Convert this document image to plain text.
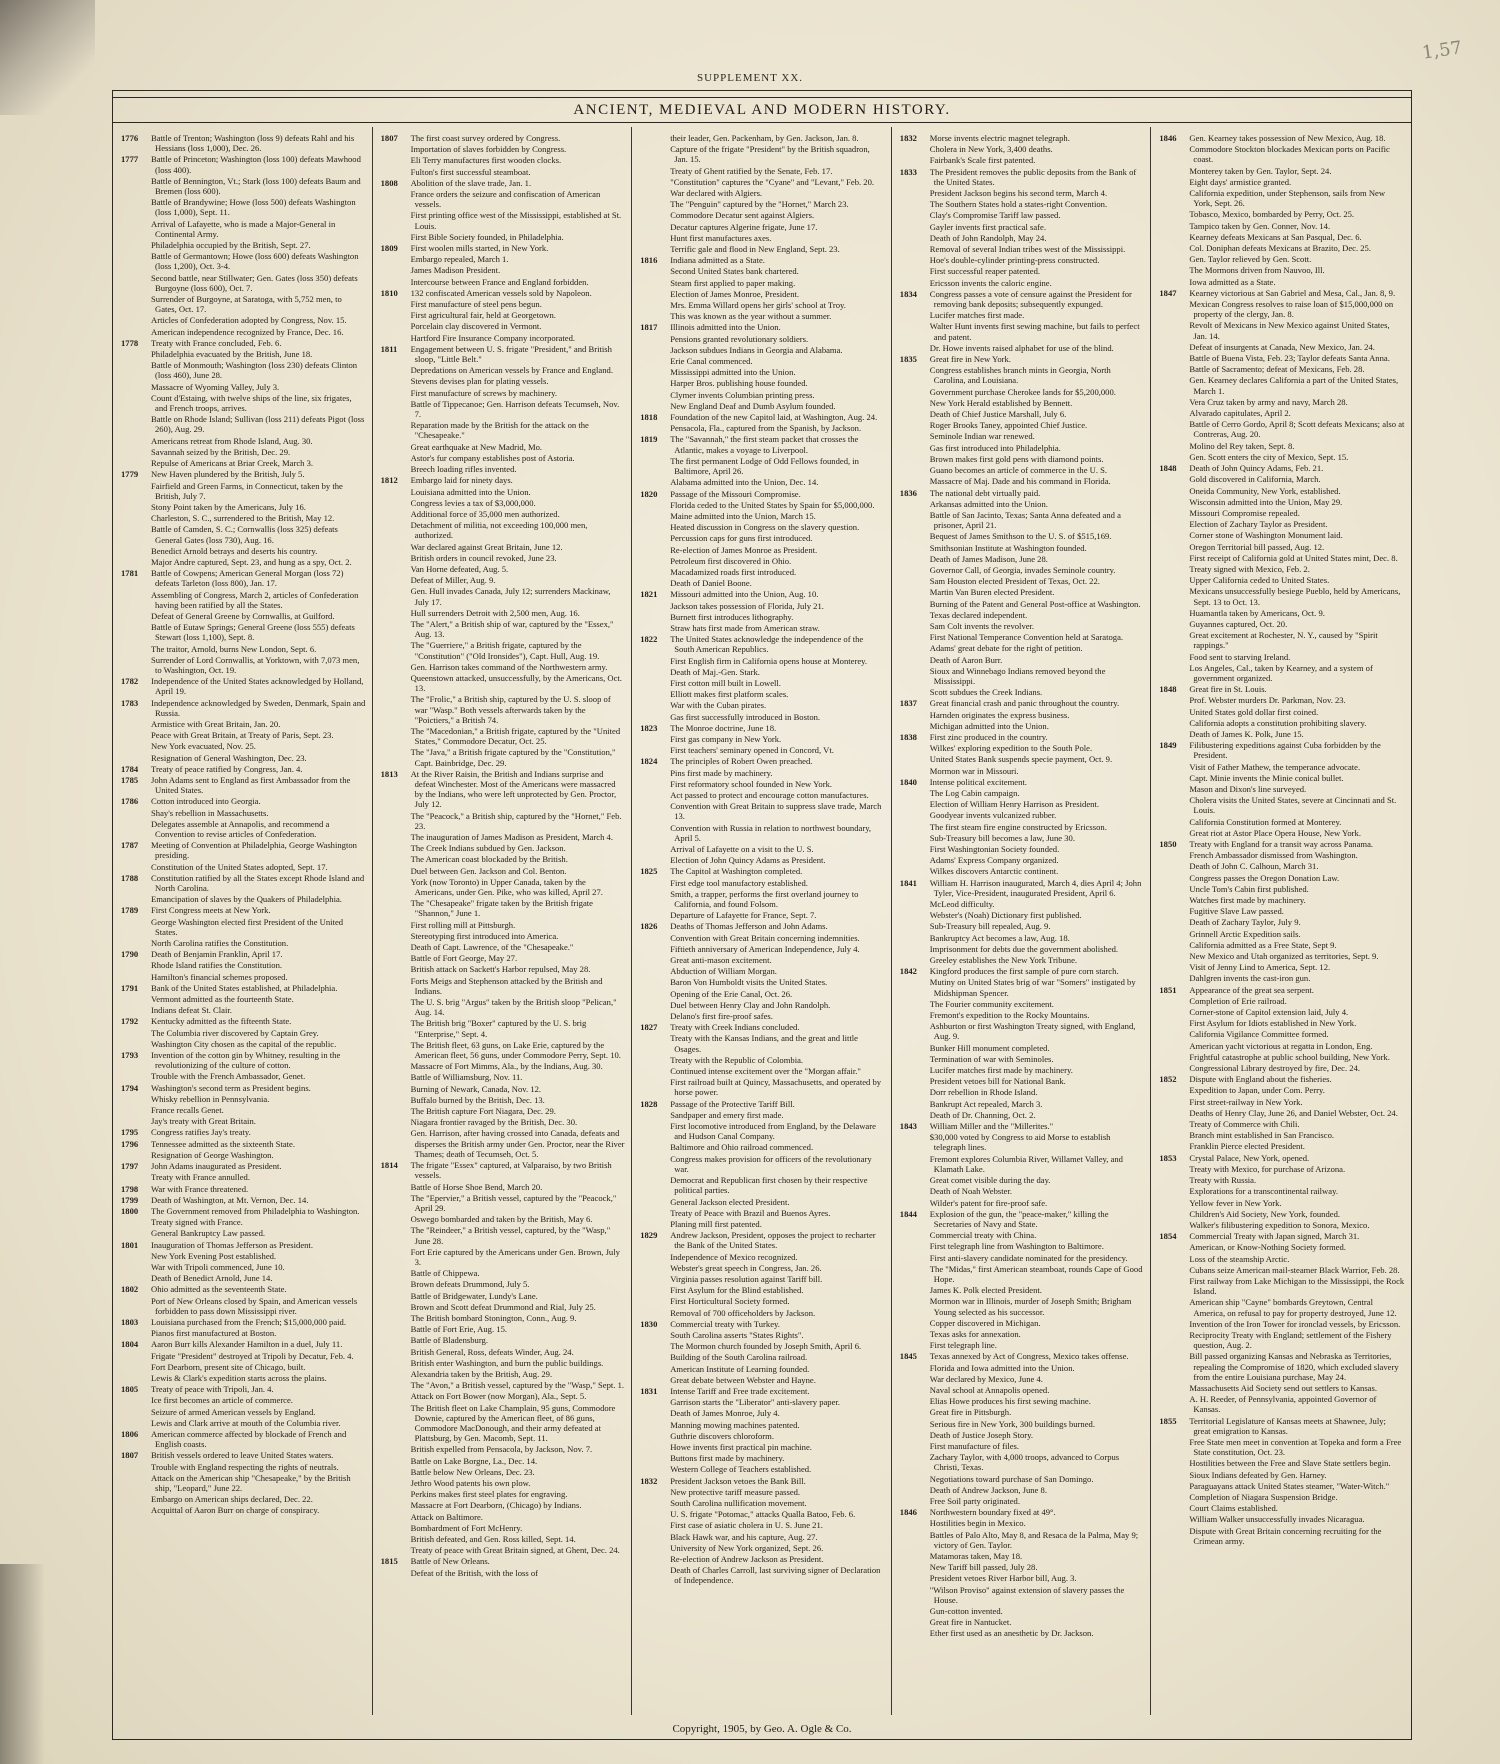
1,57
SUPPLEMENT XX.
ANCIENT, MEDIEVAL AND MODERN HISTORY.
1776	Battle of Trenton; Washington (loss 9) defeats Rahl and his Hessians (loss 1,000), Dec. 26.
1777	Battle of Princeton; Washington (loss 100) defeats Mawhood (loss 400).
Battle of Bennington, Vt.; Stark (loss 100) defeats Baum and Bremen (loss 600).
Battle of Brandywine; Howe (loss 500) defeats Washington (loss 1,000), Sept. 11.
Arrival of Lafayette, who is made a Major-General in Continental Army.
Philadelphia occupied by the British, Sept. 27.
Battle of Germantown; Howe (loss 600) defeats Washington (loss 1,200), Oct. 3-4.
Second battle, near Stillwater; Gen. Gates (loss 350) defeats Burgoyne (loss 600), Oct. 7.
Surrender of Burgoyne, at Saratoga, with 5,752 men, to Gates, Oct. 17.
Articles of Confederation adopted by Congress, Nov. 15.
American independence recognized by France, Dec. 16.
1778	Treaty with France concluded, Feb. 6.
Philadelphia evacuated by the British, June 18.
Battle of Monmouth; Washington (loss 230) defeats Clinton (loss 460), June 28.
Massacre of Wyoming Valley, July 3.
Count d'Estaing, with twelve ships of the line, six frigates, and French troops, arrives.
Battle on Rhode Island; Sullivan (loss 211) defeats Pigot (loss 260), Aug. 29.
Americans retreat from Rhode Island, Aug. 30.
Savannah seized by the British, Dec. 29.
Repulse of Americans at Briar Creek, March 3.
1779	New Haven plundered by the British, July 5.
Fairfield and Green Farms, in Connecticut, taken by the British, July 7.
Stony Point taken by the Americans, July 16.
Charleston, S. C., surrendered to the British, May 12.
Battle of Camden, S. C.; Cornwallis (loss 325) defeats General Gates (loss 730), Aug. 16.
Benedict Arnold betrays and deserts his country.
Major Andre captured, Sept. 23, and hung as a spy, Oct. 2.
1781	Battle of Cowpens; American General Morgan (loss 72) defeats Tarleton (loss 800), Jan. 17.
Assembling of Congress, March 2, articles of Confederation having been ratified by all the States.
Defeat of General Greene by Cornwallis, at Guilford.
Battle of Eutaw Springs; General Greene (loss 555) defeats Stewart (loss 1,100), Sept. 8.
The traitor, Arnold, burns New London, Sept. 6.
Surrender of Lord Cornwallis, at Yorktown, with 7,073 men, to Washington, Oct. 19.
1782	Independence of the United States acknowledged by Holland, April 19.
1783	Independence acknowledged by Sweden, Denmark, Spain and Russia.
Armistice with Great Britain, Jan. 20.
Peace with Great Britain, at Treaty of Paris, Sept. 23.
New York evacuated, Nov. 25.
Resignation of General Washington, Dec. 23.
1784	Treaty of peace ratified by Congress, Jan. 4.
1785	John Adams sent to England as first Ambassador from the United States.
1786	Cotton introduced into Georgia.
Shay's rebellion in Massachusetts.
Delegates assemble at Annapolis, and recommend a Convention to revise articles of Confederation.
1787	Meeting of Convention at Philadelphia, George Washington presiding.
Constitution of the United States adopted, Sept. 17.
1788	Constitution ratified by all the States except Rhode Island and North Carolina.
Emancipation of slaves by the Quakers of Philadelphia.
1789	First Congress meets at New York.
George Washington elected first President of the United States.
North Carolina ratifies the Constitution.
1790	Death of Benjamin Franklin, April 17.
Rhode Island ratifies the Constitution.
Hamilton's financial schemes proposed.
1791	Bank of the United States established, at Philadelphia.
Vermont admitted as the fourteenth State.
Indians defeat St. Clair.
1792	Kentucky admitted as the fifteenth State.
The Columbia river discovered by Captain Grey.
Washington City chosen as the capital of the republic.
1793	Invention of the cotton gin by Whitney, resulting in the revolutionizing of the culture of cotton.
Trouble with the French Ambassador, Genet.
1794	Washington's second term as President begins.
Whisky rebellion in Pennsylvania.
France recalls Genet.
Jay's treaty with Great Britain.
1795	Congress ratifies Jay's treaty.
1796	Tennessee admitted as the sixteenth State.
Resignation of George Washington.
1797	John Adams inaugurated as President.
Treaty with France annulled.
1798	War with France threatened.
1799	Death of Washington, at Mt. Vernon, Dec. 14.
1800	The Government removed from Philadelphia to Washington.
Treaty signed with France.
General Bankruptcy Law passed.
1801	Inauguration of Thomas Jefferson as President.
New York Evening Post established.
War with Tripoli commenced, June 10.
Death of Benedict Arnold, June 14.
1802	Ohio admitted as the seventeenth State.
Port of New Orleans closed by Spain, and American vessels forbidden to pass down Mississippi river.
1803	Louisiana purchased from the French; $15,000,000 paid.
Pianos first manufactured at Boston.
1804	Aaron Burr kills Alexander Hamilton in a duel, July 11.
Frigate "President" destroyed at Tripoli by Decatur, Feb. 4.
Fort Dearborn, present site of Chicago, built.
Lewis & Clark's expedition starts across the plains.
1805	Treaty of peace with Tripoli, Jan. 4.
Ice first becomes an article of commerce.
Seizure of armed American vessels by England.
Lewis and Clark arrive at mouth of the Columbia river.
1806	American commerce affected by blockade of French and English coasts.
1807	British vessels ordered to leave United States waters.
Trouble with England respecting the rights of neutrals.
Attack on the American ship "Chesapeake," by the British ship, "Leopard," June 22.
Embargo on American ships declared, Dec. 22.
Acquittal of Aaron Burr on charge of conspiracy.
1807	The first coast survey ordered by Congress.
Importation of slaves forbidden by Congress.
Eli Terry manufactures first wooden clocks.
Fulton's first successful steamboat.
1808	Abolition of the slave trade, Jan. 1.
France orders the seizure and confiscation of American vessels.
First printing office west of the Mississippi, established at St. Louis.
First Bible Society founded, in Philadelphia.
1809	First woolen mills started, in New York.
Embargo repealed, March 1.
James Madison President.
Intercourse between France and England forbidden.
1810	132 confiscated American vessels sold by Napoleon.
First manufacture of steel pens begun.
First agricultural fair, held at Georgetown.
Porcelain clay discovered in Vermont.
Hartford Fire Insurance Company incorporated.
1811	Engagement between U. S. frigate "President," and British sloop, "Little Belt."
Depredations on American vessels by France and England.
Stevens devises plan for plating vessels.
First manufacture of screws by machinery.
Battle of Tippecanoe; Gen. Harrison defeats Tecumseh, Nov. 7.
Reparation made by the British for the attack on the "Chesapeake."
Great earthquake at New Madrid, Mo.
Astor's fur company establishes post of Astoria.
Breech loading rifles invented.
1812	Embargo laid for ninety days.
Louisiana admitted into the Union.
Congress levies a tax of $3,000,000.
Additional force of 35,000 men authorized.
Detachment of militia, not exceeding 100,000 men, authorized.
War declared against Great Britain, June 12.
British orders in council revoked, June 23.
Van Horne defeated, Aug. 5.
Defeat of Miller, Aug. 9.
Gen. Hull invades Canada, July 12; surrenders Mackinaw, July 17.
Hull surrenders Detroit with 2,500 men, Aug. 16.
The "Alert," a British ship of war, captured by the "Essex," Aug. 13.
The "Guerriere," a British frigate, captured by the "Constitution" ("Old Ironsides"), Capt. Hull, Aug. 19.
Gen. Harrison takes command of the Northwestern army.
Queenstown attacked, unsuccessfully, by the Americans, Oct. 13.
The "Frolic," a British ship, captured by the U. S. sloop of war "Wasp." Both vessels afterwards taken by the "Poictiers," a British 74.
The "Macedonian," a British frigate, captured by the "United States," Commodore Decatur, Oct. 25.
The "Java," a British frigate captured by the "Constitution," Capt. Bainbridge, Dec. 29.
1813	At the River Raisin, the British and Indians surprise and defeat Winchester. Most of the Americans were massacred by the Indians, who were left unprotected by Gen. Proctor, July 12.
The "Peacock," a British ship, captured by the "Hornet," Feb. 23.
The inauguration of James Madison as President, March 4.
The Creek Indians subdued by Gen. Jackson.
The American coast blockaded by the British.
Duel between Gen. Jackson and Col. Benton.
York (now Toronto) in Upper Canada, taken by the Americans, under Gen. Pike, who was killed, April 27.
The "Chesapeake" frigate taken by the British frigate "Shannon," June 1.
First rolling mill at Pittsburgh.
Stereotyping first introduced into America.
Death of Capt. Lawrence, of the "Chesapeake."
Battle of Fort George, May 27.
British attack on Sackett's Harbor repulsed, May 28.
Forts Meigs and Stephenson attacked by the British and Indians.
The U. S. brig "Argus" taken by the British sloop "Pelican," Aug. 14.
The British brig "Boxer" captured by the U. S. brig "Enterprise," Sept. 4.
The British fleet, 63 guns, on Lake Erie, captured by the American fleet, 56 guns, under Commodore Perry, Sept. 10.
Massacre of Fort Mimms, Ala., by the Indians, Aug. 30.
Battle of Williamsburg, Nov. 11.
Burning of Newark, Canada, Nov. 12.
Buffalo burned by the British, Dec. 13.
The British capture Fort Niagara, Dec. 29.
Niagara frontier ravaged by the British, Dec. 30.
Gen. Harrison, after having crossed into Canada, defeats and disperses the British army under Gen. Proctor, near the River Thames; death of Tecumseh, Oct. 5.
1814	The frigate "Essex" captured, at Valparaiso, by two British vessels.
Battle of Horse Shoe Bend, March 20.
The "Epervier," a British vessel, captured by the "Peacock," April 29.
Oswego bombarded and taken by the British, May 6.
The "Reindeer," a British vessel, captured, by the "Wasp," June 28.
Fort Erie captured by the Americans under Gen. Brown, July 3.
Battle of Chippewa.
Brown defeats Drummond, July 5.
Battle of Bridgewater, Lundy's Lane.
Brown and Scott defeat Drummond and Rial, July 25.
The British bombard Stonington, Conn., Aug. 9.
Battle of Fort Erie, Aug. 15.
Battle of Bladensburg.
British General, Ross, defeats Winder, Aug. 24.
British enter Washington, and burn the public buildings.
Alexandria taken by the British, Aug. 29.
The "Avon," a British vessel, captured by the "Wasp," Sept. 1.
Attack on Fort Bower (now Morgan), Ala., Sept. 5.
The British fleet on Lake Champlain, 95 guns, Commodore Downie, captured by the American fleet, of 86 guns, Commodore MacDonough, and their army defeated at Plattsburg, by Gen. Macomb, Sept. 11.
British expelled from Pensacola, by Jackson, Nov. 7.
Battle on Lake Borgne, La., Dec. 14.
Battle below New Orleans, Dec. 23.
Jethro Wood patents his own plow.
Perkins makes first steel plates for engraving.
Massacre at Fort Dearborn, (Chicago) by Indians.
Attack on Baltimore.
Bombardment of Fort McHenry.
British defeated, and Gen. Ross killed, Sept. 14.
Treaty of peace with Great Britain signed, at Ghent, Dec. 24.
1815	Battle of New Orleans.
Defeat of the British, with the loss of
their leader, Gen. Packenham, by Gen. Jackson, Jan. 8.
Capture of the frigate "President" by the British squadron, Jan. 15.
Treaty of Ghent ratified by the Senate, Feb. 17.
"Constitution" captures the "Cyane" and "Levant," Feb. 20.
War declared with Algiers.
The "Penguin" captured by the "Hornet," March 23.
Commodore Decatur sent against Algiers.
Decatur captures Algerine frigate, June 17.
Hunt first manufactures axes.
Terrific gale and flood in New England, Sept. 23.
1816	Indiana admitted as a State.
Second United States bank chartered.
Steam first applied to paper making.
Election of James Monroe, President.
Mrs. Emma Willard opens her girls' school at Troy.
This was known as the year without a summer.
1817	Illinois admitted into the Union.
Pensions granted revolutionary soldiers.
Jackson subdues Indians in Georgia and Alabama.
Erie Canal commenced.
Mississippi admitted into the Union.
Harper Bros. publishing house founded.
Clymer invents Columbian printing press.
New England Deaf and Dumb Asylum founded.
1818	Foundation of the new Capitol laid, at Washington, Aug. 24.
Pensacola, Fla., captured from the Spanish, by Jackson.
1819	The "Savannah," the first steam packet that crosses the Atlantic, makes a voyage to Liverpool.
The first permanent Lodge of Odd Fellows founded, in Baltimore, April 26.
Alabama admitted into the Union, Dec. 14.
1820	Passage of the Missouri Compromise.
Florida ceded to the United States by Spain for $5,000,000.
Maine admitted into the Union, March 15.
Heated discussion in Congress on the slavery question.
Percussion caps for guns first introduced.
Re-election of James Monroe as President.
Petroleum first discovered in Ohio.
Macadamized roads first introduced.
Death of Daniel Boone.
1821	Missouri admitted into the Union, Aug. 10.
Jackson takes possession of Florida, July 21.
Burnett first introduces lithography.
Straw hats first made from American straw.
1822	The United States acknowledge the independence of the South American Republics.
First English firm in California opens house at Monterey.
Death of Maj.-Gen. Stark.
First cotton mill built in Lowell.
Elliott makes first platform scales.
War with the Cuban pirates.
Gas first successfully introduced in Boston.
1823	The Monroe doctrine, June 18.
First gas company in New York.
First teachers' seminary opened in Concord, Vt.
1824	The principles of Robert Owen preached.
Pins first made by machinery.
First reformatory school founded in New York.
Act passed to protect and encourage cotton manufactures.
Convention with Great Britain to suppress slave trade, March 13.
Convention with Russia in relation to northwest boundary, April 5.
Arrival of Lafayette on a visit to the U. S.
Election of John Quincy Adams as President.
1825	The Capitol at Washington completed.
First edge tool manufactory established.
Smith, a trapper, performs the first overland journey to California, and found Folsom.
Departure of Lafayette for France, Sept. 7.
1826	Deaths of Thomas Jefferson and John Adams.
Convention with Great Britain concerning indemnities.
Fiftieth anniversary of American Independence, July 4.
Great anti-mason excitement.
Abduction of William Morgan.
Baron Von Humboldt visits the United States.
Opening of the Erie Canal, Oct. 26.
Duel between Henry Clay and John Randolph.
Delano's first fire-proof safes.
1827	Treaty with Creek Indians concluded.
Treaty with the Kansas Indians, and the great and little Osages.
Treaty with the Republic of Colombia.
Continued intense excitement over the "Morgan affair."
First railroad built at Quincy, Massachusetts, and operated by horse power.
1828	Passage of the Protective Tariff Bill.
Sandpaper and emery first made.
First locomotive introduced from England, by the Delaware and Hudson Canal Company.
Baltimore and Ohio railroad commenced.
Congress makes provision for officers of the revolutionary war.
Democrat and Republican first chosen by their respective political parties.
General Jackson elected President.
Treaty of Peace with Brazil and Buenos Ayres.
Planing mill first patented.
1829	Andrew Jackson, President, opposes the project to recharter the Bank of the United States.
Independence of Mexico recognized.
Webster's great speech in Congress, Jan. 26.
Virginia passes resolution against Tariff bill.
First Asylum for the Blind established.
First Horticultural Society formed.
Removal of 700 officeholders by Jackson.
1830	Commercial treaty with Turkey.
South Carolina asserts "States Rights".
The Mormon church founded by Joseph Smith, April 6.
Building of the South Carolina railroad.
American Institute of Learning founded.
Great debate between Webster and Hayne.
1831	Intense Tariff and Free trade excitement.
Garrison starts the "Liberator" anti-slavery paper.
Death of James Monroe, July 4.
Manning mowing machines patented.
Guthrie discovers chloroform.
Howe invents first practical pin machine.
Buttons first made by machinery.
Western College of Teachers established.
1832	President Jackson vetoes the Bank Bill.
New protective tariff measure passed.
South Carolina nullification movement.
U. S. frigate "Potomac," attacks Qualla Batoo, Feb. 6.
First case of asiatic cholera in U. S. June 21.
Black Hawk war, and his capture, Aug. 27.
University of New York organized, Sept. 26.
Re-election of Andrew Jackson as President.
Death of Charles Carroll, last surviving signer of Declaration of Independence.
1832	Morse invents electric magnet telegraph.
Cholera in New York, 3,400 deaths.
Fairbank's Scale first patented.
1833	The President removes the public deposits from the Bank of the United States.
President Jackson begins his second term, March 4.
The Southern States hold a states-right Convention.
Clay's Compromise Tariff law passed.
Gayler invents first practical safe.
Death of John Randolph, May 24.
Removal of several Indian tribes west of the Mississippi.
Hoe's double-cylinder printing-press constructed.
First successful reaper patented.
Ericsson invents the caloric engine.
1834	Congress passes a vote of censure against the President for removing bank deposits; subsequently expunged.
Lucifer matches first made.
Walter Hunt invents first sewing machine, but fails to perfect and patent.
Dr. Howe invents raised alphabet for use of the blind.
1835	Great fire in New York.
Congress establishes branch mints in Georgia, North Carolina, and Louisiana.
Government purchase Cherokee lands for $5,200,000.
New York Herald established by Bennett.
Death of Chief Justice Marshall, July 6.
Roger Brooks Taney, appointed Chief Justice.
Seminole Indian war renewed.
Gas first introduced into Philadelphia.
Brown makes first gold pens with diamond points.
Guano becomes an article of commerce in the U. S.
Massacre of Maj. Dade and his command in Florida.
1836	The national debt virtually paid.
Arkansas admitted into the Union.
Battle of San Jacinto, Texas; Santa Anna defeated and a prisoner, April 21.
Bequest of James Smithson to the U. S. of $515,169.
Smithsonian Institute at Washington founded.
Death of James Madison, June 28.
Governor Call, of Georgia, invades Seminole country.
Sam Houston elected President of Texas, Oct. 22.
Martin Van Buren elected President.
Burning of the Patent and General Post-office at Washington.
Texas declared independent.
Sam Colt invents the revolver.
First National Temperance Convention held at Saratoga.
Adams' great debate for the right of petition.
Death of Aaron Burr.
Sioux and Winnebago Indians removed beyond the Mississippi.
Scott subdues the Creek Indians.
1837	Great financial crash and panic throughout the country.
Harnden originates the express business.
Michigan admitted into the Union.
1838	First zinc produced in the country.
Wilkes' exploring expedition to the South Pole.
United States Bank suspends specie payment, Oct. 9.
Mormon war in Missouri.
1840	Intense political excitement.
The Log Cabin campaign.
Election of William Henry Harrison as President.
Goodyear invents vulcanized rubber.
The first steam fire engine constructed by Ericsson.
Sub-Treasury bill becomes a law, June 30.
First Washingtonian Society founded.
Adams' Express Company organized.
Wilkes discovers Antarctic continent.
1841	William H. Harrison inaugurated, March 4, dies April 4; John Tyler, Vice-President, inaugurated President, April 6.
McLeod difficulty.
Webster's (Noah) Dictionary first published.
Sub-Treasury bill repealed, Aug. 9.
Bankruptcy Act becomes a law, Aug. 18.
Imprisonment for debts due the government abolished.
Greeley establishes the New York Tribune.
1842	Kingford produces the first sample of pure corn starch.
Mutiny on United States brig of war "Somers" instigated by Midshipman Spencer.
The Fourier community excitement.
Fremont's expedition to the Rocky Mountains.
Ashburton or first Washington Treaty signed, with England, Aug. 9.
Bunker Hill monument completed.
Termination of war with Seminoles.
Lucifer matches first made by machinery.
President vetoes bill for National Bank.
Dorr rebellion in Rhode Island.
Bankrupt Act repealed, March 3.
Death of Dr. Channing, Oct. 2.
1843	William Miller and the "Millerites."
$30,000 voted by Congress to aid Morse to establish telegraph lines.
Fremont explores Columbia River, Willamet Valley, and Klamath Lake.
Great comet visible during the day.
Death of Noah Webster.
Wilder's patent for fire-proof safe.
1844	Explosion of the gun, the "peace-maker," killing the Secretaries of Navy and State.
Commercial treaty with China.
First telegraph line from Washington to Baltimore.
First anti-slavery candidate nominated for the presidency.
The "Midas," first American steamboat, rounds Cape of Good Hope.
James K. Polk elected President.
Mormon war in Illinois, murder of Joseph Smith; Brigham Young selected as his successor.
Copper discovered in Michigan.
Texas asks for annexation.
First telegraph line.
1845	Texas annexed by Act of Congress, Mexico takes offense.
Florida and Iowa admitted into the Union.
War declared by Mexico, June 4.
Naval school at Annapolis opened.
Elias Howe produces his first sewing machine.
Great fire in Pittsburgh.
Serious fire in New York, 300 buildings burned.
Death of Justice Joseph Story.
First manufacture of files.
Zachary Taylor, with 4,000 troops, advanced to Corpus Christi, Texas.
Negotiations toward purchase of San Domingo.
Death of Andrew Jackson, June 8.
Free Soil party originated.
1846	Northwestern boundary fixed at 49°.
Hostilities begin in Mexico.
Battles of Palo Alto, May 8, and Resaca de la Palma, May 9; victory of Gen. Taylor.
Matamoras taken, May 18.
New Tariff bill passed, July 28.
President vetoes River Harbor bill, Aug. 3.
"Wilson Proviso" against extension of slavery passes the House.
Gun-cotton invented.
Great fire in Nantucket.
Ether first used as an anesthetic by Dr. Jackson.
1846	Gen. Kearney takes possession of New Mexico, Aug. 18.
Commodore Stockton blockades Mexican ports on Pacific coast.
Monterey taken by Gen. Taylor, Sept. 24.
Eight days' armistice granted.
California expedition, under Stephenson, sails from New York, Sept. 26.
Tobasco, Mexico, bombarded by Perry, Oct. 25.
Tampico taken by Gen. Conner, Nov. 14.
Kearney defeats Mexicans at San Pasqual, Dec. 6.
Col. Doniphan defeats Mexicans at Brazito, Dec. 25.
Gen. Taylor relieved by Gen. Scott.
The Mormons driven from Nauvoo, Ill.
Iowa admitted as a State.
1847	Kearney victorious at San Gabriel and Mesa, Cal., Jan. 8, 9.
Mexican Congress resolves to raise loan of $15,000,000 on property of the clergy, Jan. 8.
Revolt of Mexicans in New Mexico against United States, Jan. 14.
Defeat of insurgents at Canada, New Mexico, Jan. 24.
Battle of Buena Vista, Feb. 23; Taylor defeats Santa Anna.
Battle of Sacramento; defeat of Mexicans, Feb. 28.
Gen. Kearney declares California a part of the United States, March 1.
Vera Cruz taken by army and navy, March 28.
Alvarado capitulates, April 2.
Battle of Cerro Gordo, April 8; Scott defeats Mexicans; also at Contreras, Aug. 20.
Molino del Rey taken, Sept. 8.
Gen. Scott enters the city of Mexico, Sept. 15.
1848	Death of John Quincy Adams, Feb. 21.
Gold discovered in California, March.
Oneida Community, New York, established.
Wisconsin admitted into the Union, May 29.
Missouri Compromise repealed.
Election of Zachary Taylor as President.
Corner stone of Washington Monument laid.
Oregon Territorial bill passed, Aug. 12.
First receipt of California gold at United States mint, Dec. 8.
Treaty signed with Mexico, Feb. 2.
Upper California ceded to United States.
Mexicans unsuccessfully besiege Pueblo, held by Americans, Sept. 13 to Oct. 13.
Huamantla taken by Americans, Oct. 9.
Guyannes captured, Oct. 20.
Great excitement at Rochester, N. Y., caused by "Spirit rappings."
Food sent to starving Ireland.
Los Angeles, Cal., taken by Kearney, and a system of government organized.
1848	Great fire in St. Louis.
Prof. Webster murders Dr. Parkman, Nov. 23.
United States gold dollar first coined.
California adopts a constitution prohibiting slavery.
Death of James K. Polk, June 15.
1849	Filibustering expeditions against Cuba forbidden by the President.
Visit of Father Mathew, the temperance advocate.
Capt. Minie invents the Minie conical bullet.
Mason and Dixon's line surveyed.
Cholera visits the United States, severe at Cincinnati and St. Louis.
California Constitution formed at Monterey.
Great riot at Astor Place Opera House, New York.
1850	Treaty with England for a transit way across Panama.
French Ambassador dismissed from Washington.
Death of John C. Calhoun, March 31.
Congress passes the Oregon Donation Law.
Uncle Tom's Cabin first published.
Watches first made by machinery.
Fugitive Slave Law passed.
Death of Zachary Taylor, July 9.
Grinnell Arctic Expedition sails.
California admitted as a Free State, Sept 9.
New Mexico and Utah organized as territories, Sept. 9.
Visit of Jenny Lind to America, Sept. 12.
Dahlgren invents the cast-iron gun.
1851	Appearance of the great sea serpent.
Completion of Erie railroad.
Corner-stone of Capitol extension laid, July 4.
First Asylum for Idiots established in New York.
California Vigilance Committee formed.
American yacht victorious at regatta in London, Eng.
Frightful catastrophe at public school building, New York.
Congressional Library destroyed by fire, Dec. 24.
1852	Dispute with England about the fisheries.
Expedition to Japan, under Com. Perry.
First street-railway in New York.
Deaths of Henry Clay, June 26, and Daniel Webster, Oct. 24.
Treaty of Commerce with Chili.
Branch mint established in San Francisco.
Franklin Pierce elected President.
1853	Crystal Palace, New York, opened.
Treaty with Mexico, for purchase of Arizona.
Treaty with Russia.
Explorations for a transcontinental railway.
Yellow fever in New York.
Children's Aid Society, New York, founded.
Walker's filibustering expedition to Sonora, Mexico.
1854	Commercial Treaty with Japan signed, March 31.
American, or Know-Nothing Society formed.
Loss of the steamship Arctic.
Cubans seize American mail-steamer Black Warrior, Feb. 28.
First railway from Lake Michigan to the Mississippi, the Rock Island.
American ship "Cayne" bombards Greytown, Central America, on refusal to pay for property destroyed, June 12.
Invention of the Iron Tower for ironclad vessels, by Ericsson.
Reciprocity Treaty with England; settlement of the Fishery question, Aug. 2.
Bill passed organizing Kansas and Nebraska as Territories, repealing the Compromise of 1820, which excluded slavery from the entire Louisiana purchase, May 24.
Massachusetts Aid Society send out settlers to Kansas.
A. H. Reeder, of Pennsylvania, appointed Governor of Kansas.
1855	Territorial Legislature of Kansas meets at Shawnee, July; great emigration to Kansas.
Free State men meet in convention at Topeka and form a Free State constitution, Oct. 23.
Hostilities between the Free and Slave State settlers begin.
Sioux Indians defeated by Gen. Harney.
Paraguayans attack United States steamer, "Water-Witch."
Completion of Niagara Suspension Bridge.
Court Claims established.
William Walker unsuccessfully invades Nicaragua.
Dispute with Great Britain concerning recruiting for the Crimean army.
Copyright, 1905, by Geo. A. Ogle & Co.
